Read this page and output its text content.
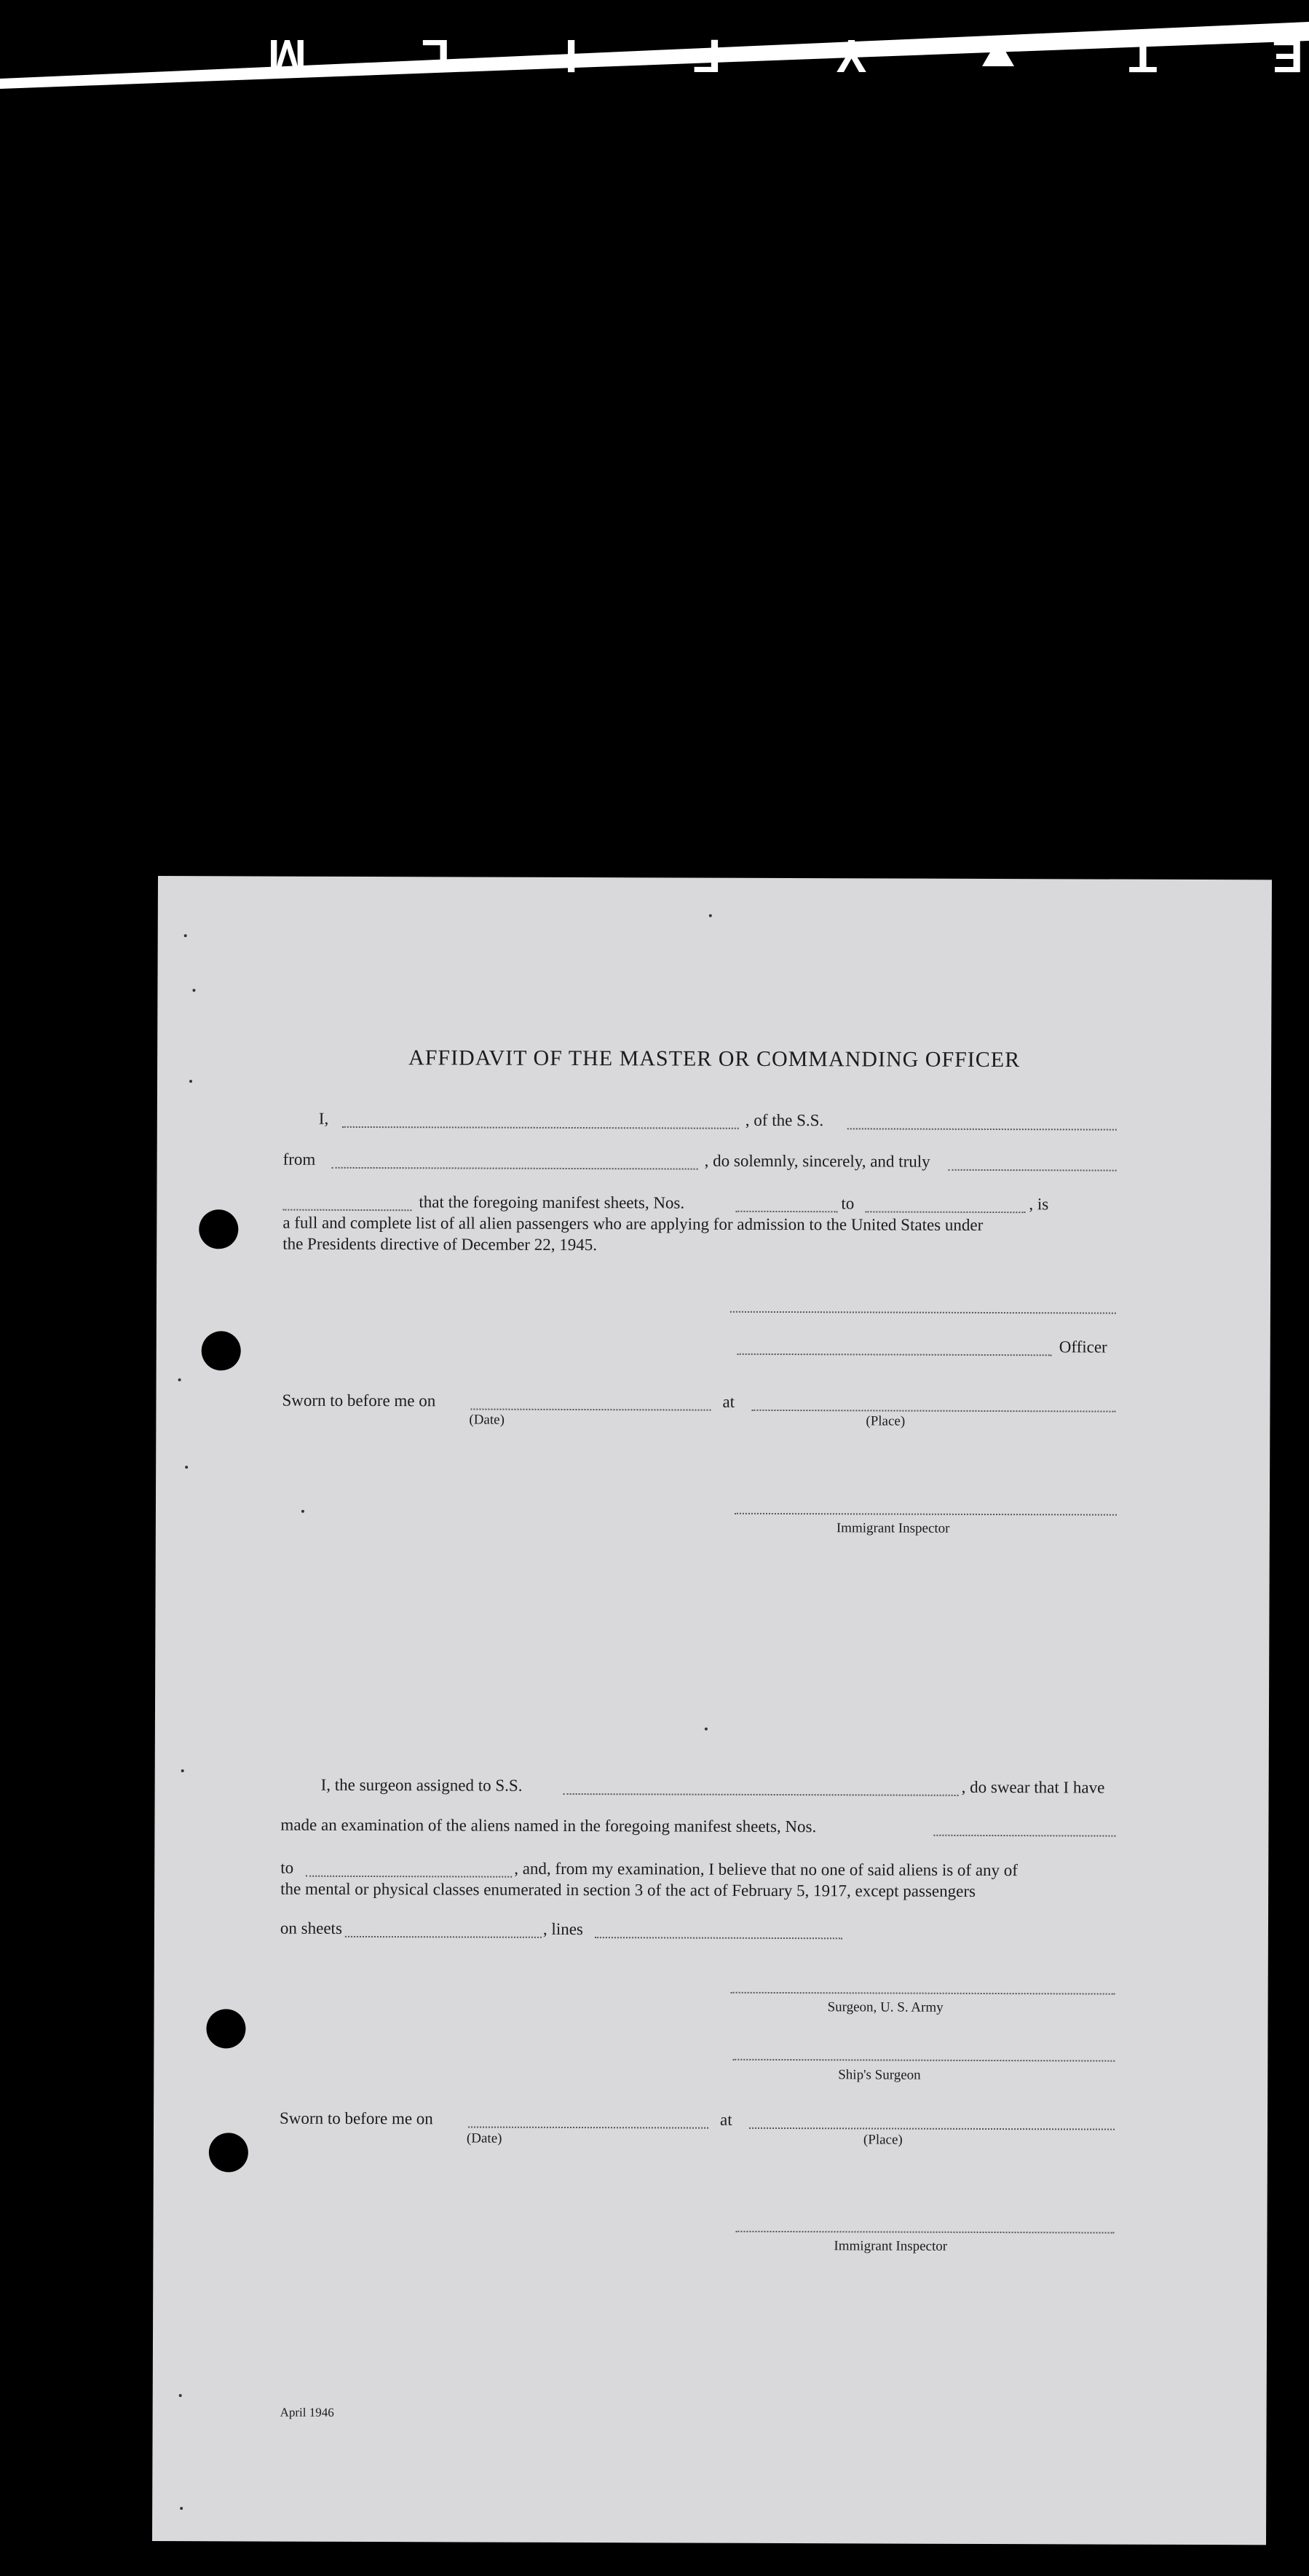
E T  Y F I L M
AFFIDAVIT OF THE MASTER OR COMMANDING OFFICER
I,	, of the S.S.
from	, do solemnly, sincerely, and truly
that the foregoing manifest sheets, Nos.	to	, is
a full and complete list of all alien passengers who are applying for admission to the United States under
the Presidents directive of December 22, 1945.
Officer
Sworn to before me on	at
(Date)	(Place)
Immigrant Inspector
I, the surgeon assigned to S.S.	, do swear that I have
made an examination of the aliens named in the foregoing manifest sheets, Nos.
to	, and, from my examination, I believe that no one of said aliens is of any of
the mental or physical classes enumerated in section 3 of the act of February 5, 1917, except passengers
on sheets	, lines
Surgeon, U. S. Army
Ship's Surgeon
Sworn to before me on	at
(Date)	(Place)
Immigrant Inspector
April 1946
